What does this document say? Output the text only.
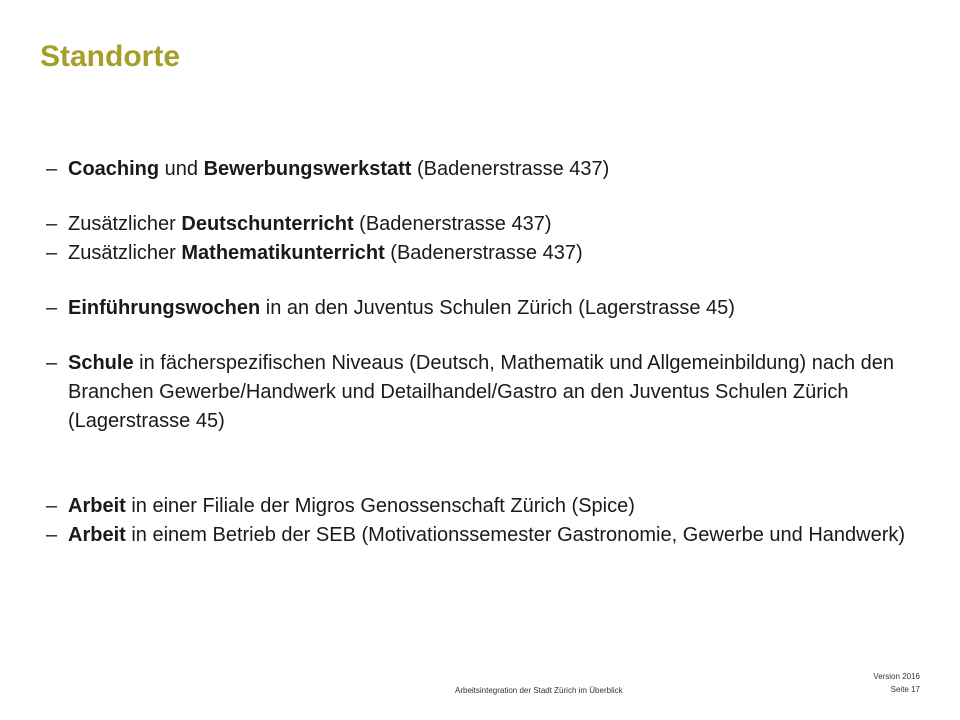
Standorte
– Coaching und Bewerbungswerkstatt (Badenerstrasse 437)
– Zusätzlicher Deutschunterricht (Badenerstrasse 437)
– Zusätzlicher Mathematikunterricht (Badenerstrasse 437)
– Einführungswochen in an den Juventus Schulen Zürich (Lagerstrasse 45)
– Schule in fächerspezifischen Niveaus (Deutsch, Mathematik und Allgemeinbildung) nach den Branchen Gewerbe/Handwerk und Detailhandel/Gastro an den Juventus Schulen Zürich (Lagerstrasse 45)
– Arbeit in einer Filiale der Migros Genossenschaft Zürich (Spice)
– Arbeit in einem Betrieb der SEB (Motivationssemester Gastronomie, Gewerbe und Handwerk)
Arbeitsintegration der Stadt Zürich im Überblick
Version 2016
Seite 17
